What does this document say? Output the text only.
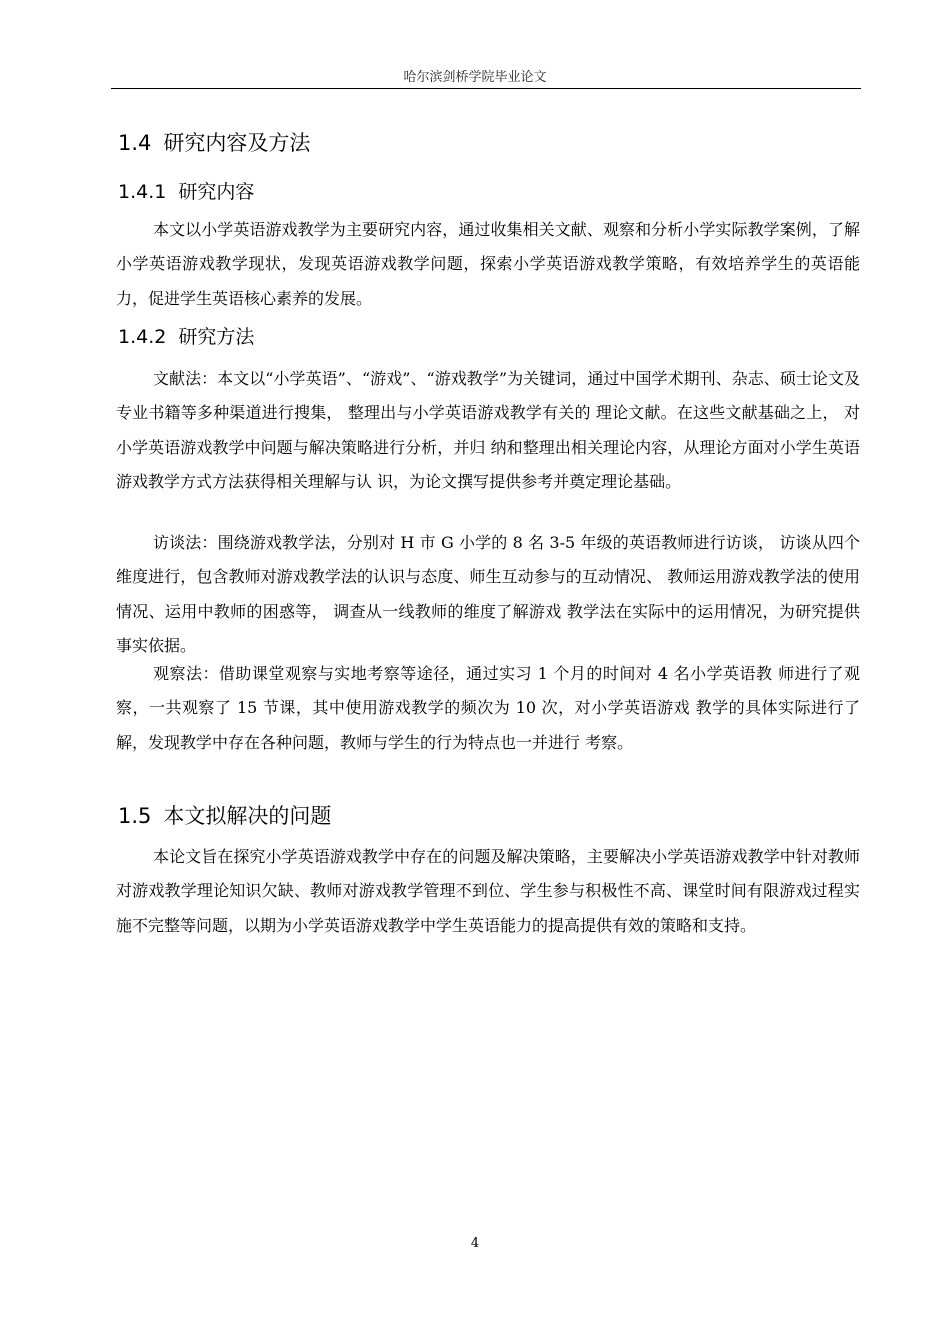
哈尔滨剑桥学院毕业论文
1.4 研究内容及方法
1.4.1 研究内容

本文以小学英语游戏教学为主要研究内容，通过收集相关文献、观察和分析小学实际教学案例，了解小学英语游戏教学现状，发现英语游戏教学问题，探索小学英语游戏教学策略，有效培养学生的英语能力，促进学生英语核心素养的发展。

1.4.2 研究方法

文献法：本文以“小学英语”、“游戏”、“游戏教学”为关键词，通过中国学术期刊、杂志、硕士论文及专业书籍等多种渠道进行搜集， 整理出与小学英语游戏教学有关的 理论文献。在这些文献基础之上， 对小学英语游戏教学中问题与解决策略进行分析，并归 纳和整理出相关理论内容，从理论方面对小学生英语游戏教学方式方法获得相关理解与认 识，为论文撰写提供参考并奠定理论基础。

访谈法：围绕游戏教学法，分别对 H 市 G 小学的 8 名 3-5 年级的英语教师进行访谈， 访谈从四个维度进行，包含教师对游戏教学法的认识与态度、师生互动参与的互动情况、 教师运用游戏教学法的使用情况、运用中教师的困惑等， 调查从一线教师的维度了解游戏 教学法在实际中的运用情况，为研究提供事实依据。

观察法：借助课堂观察与实地考察等途径，通过实习 1 个月的时间对 4 名小学英语教 师进行了观察，一共观察了 15 节课，其中使用游戏教学的频次为 10 次，对小学英语游戏 教学的具体实际进行了解，发现教学中存在各种问题，教师与学生的行为特点也一并进行 考察。

1.5 本文拟解决的问题

本论文旨在探究小学英语游戏教学中存在的问题及解决策略，主要解决小学英语游戏教学中针对教师对游戏教学理论知识欠缺、教师对游戏教学管理不到位、学生参与积极性不高、课堂时间有限游戏过程实施不完整等问题，以期为小学英语游戏教学中学生英语能力的提高提供有效的策略和支持。

4
